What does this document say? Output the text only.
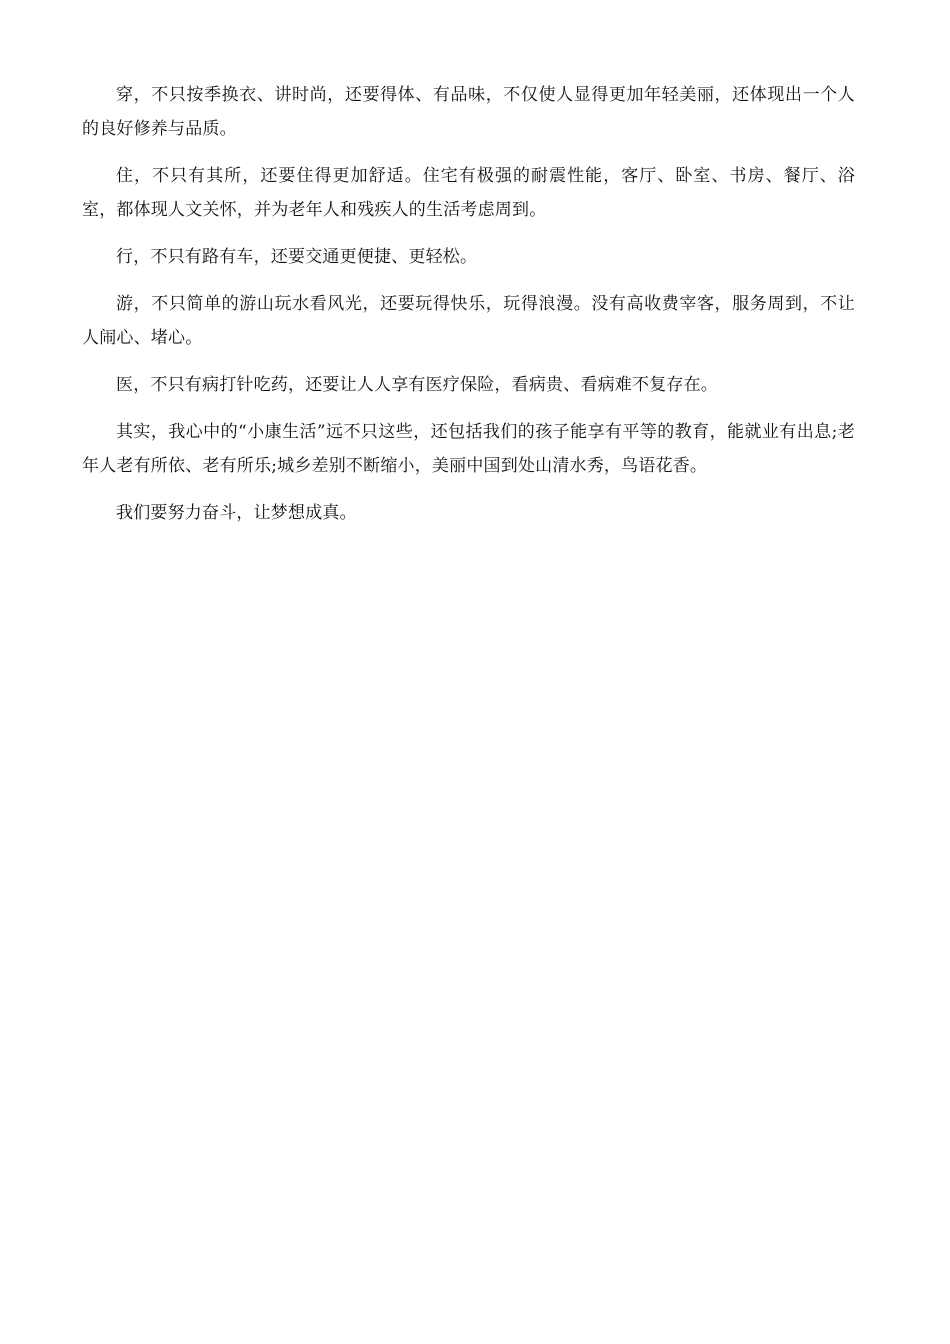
穿，不只按季换衣、讲时尚，还要得体、有品味，不仅使人显得更加年轻美丽，还体现出一个人的良好修养与品质。

住，不只有其所，还要住得更加舒适。住宅有极强的耐震性能，客厅、卧室、书房、餐厅、浴室，都体现人文关怀，并为老年人和残疾人的生活考虑周到。

行，不只有路有车，还要交通更便捷、更轻松。

游，不只简单的游山玩水看风光，还要玩得快乐，玩得浪漫。没有高收费宰客，服务周到，不让人闹心、堵心。

医，不只有病打针吃药，还要让人人享有医疗保险，看病贵、看病难不复存在。

其实，我心中的“小康生活”远不只这些，还包括我们的孩子能享有平等的教育，能就业有出息;老年人老有所依、老有所乐;城乡差别不断缩小，美丽中国到处山清水秀，鸟语花香。

我们要努力奋斗，让梦想成真。
